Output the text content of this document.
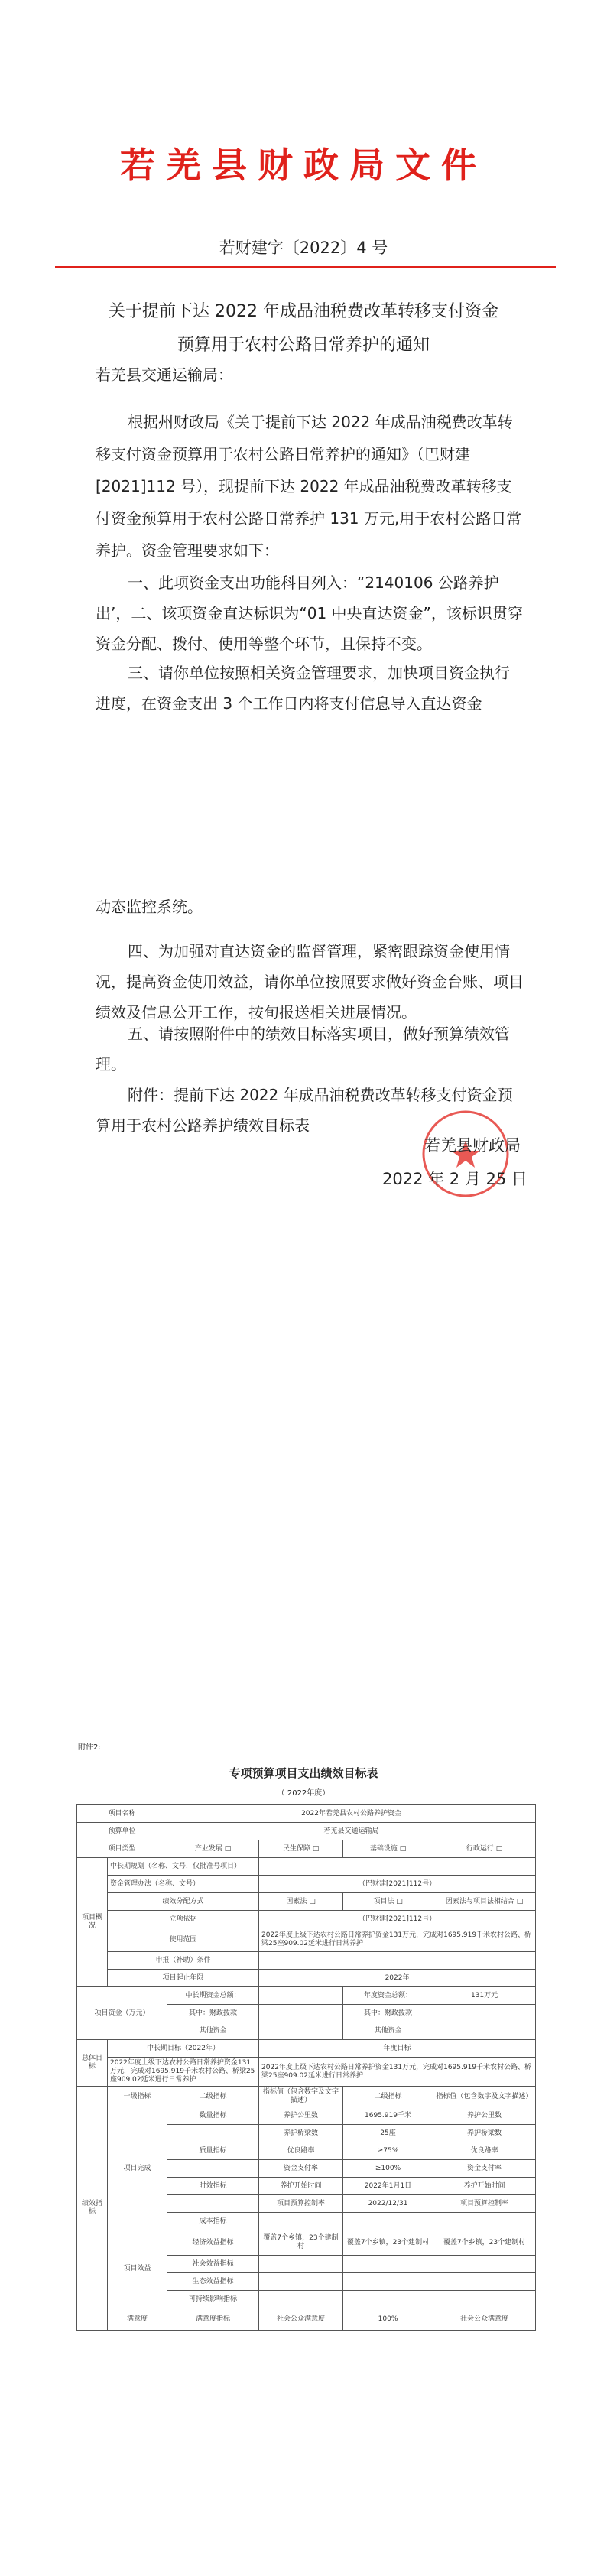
若羌县财政局文件
若财建字〔2022〕4 号
关于提前下达 2022 年成品油税费改革转移支付资金
预算用于农村公路日常养护的通知
若羌县交通运输局：
根据州财政局《关于提前下达 2022 年成品油税费改革转移支付资金预算用于农村公路日常养护的通知》（巴财建[2021]112 号），现提前下达 2022 年成品油税费改革转移支付资金预算用于农村公路日常养护 131 万元,用于农村公路日常养护。资金管理要求如下：
一、此项资金支出功能科目列入：“2140106 公路养护出’，二、该项资金直达标识为“01 中央直达资金”，该标识贯穿资金分配、拨付、使用等整个环节，且保持不变。
三、请你单位按照相关资金管理要求，加快项目资金执行进度，在资金支出 3 个工作日内将支付信息导入直达资金
动态监控系统。
四、为加强对直达资金的监督管理，紧密跟踪资金使用情况，提高资金使用效益，请你单位按照要求做好资金台账、项目绩效及信息公开工作，按旬报送相关进展情况。
五、请按照附件中的绩效目标落实项目，做好预算绩效管理。
附件：提前下达 2022 年成品油税费改革转移支付资金预算用于农村公路养护绩效目标表
若羌县财政局
2022 年 2 月 25 日
附件2:
专项预算项目支出绩效目标表
（ 2022年度）
项目名称		2022年若羌县农村公路养护资金				
预算单位		若羌县交通运输局				
项目类型		产业发展 □	民生保障 □	基础设施 □	行政运行 □	
项目概况	中长期规划（名称、文号，仅批准号项目）					
	资金管理办法（名称、文号）		（巴财建[2021]112号）			
	绩效分配方式		因素法 □	项目法 □	因素法与项目法相结合 □	
	立项依据		（巴财建[2021]112号）			
	使用范围		2022年度上级下达农村公路日常养护资金131万元，完成对1695.919千米农村公路、桥梁25座909.02延米进行日常养护			
	申报（补助）条件					
	项目起止年限		2022年			
项目资金（万元）		中长期资金总额：		年度资金总额：	131万元	
		其中：财政拨款		其中：财政拨款		
		其他资金		其他资金		
总体目标	中长期目标（2022年）		年度目标			
	2022年度上级下达农村公路日常养护资金131万元，完成对1695.919千米农村公路、桥梁25座909.02延米进行日常养护		2022年度上级下达农村公路日常养护资金131万元，完成对1695.919千米农村公路、桥梁25座909.02延米进行日常养护			
绩效指标	一级指标	二级指标	指标值（包含数字及文字描述）	二级指标	指标值（包含数字及文字描述）	
	项目完成	数量指标	养护公里数	1695.919千米	养护公里数	
			养护桥梁数	25座	养护桥梁数	
		质量指标	优良路率	≥75%	优良路率	
			资金支付率	≥100%	资金支付率	
		时效指标	养护开始时间	2022年1月1日	养护开始时间	
			项目预算控制率	2022/12/31	项目预算控制率	
		成本指标				
	项目效益	经济效益指标	覆盖7个乡镇，23个建制村	覆盖7个乡镇，23个建制村	覆盖7个乡镇，23个建制村	
		社会效益指标				
		生态效益指标				
		可持续影响指标				
	满意度	满意度指标	社会公众满意度	100%	社会公众满意度	
